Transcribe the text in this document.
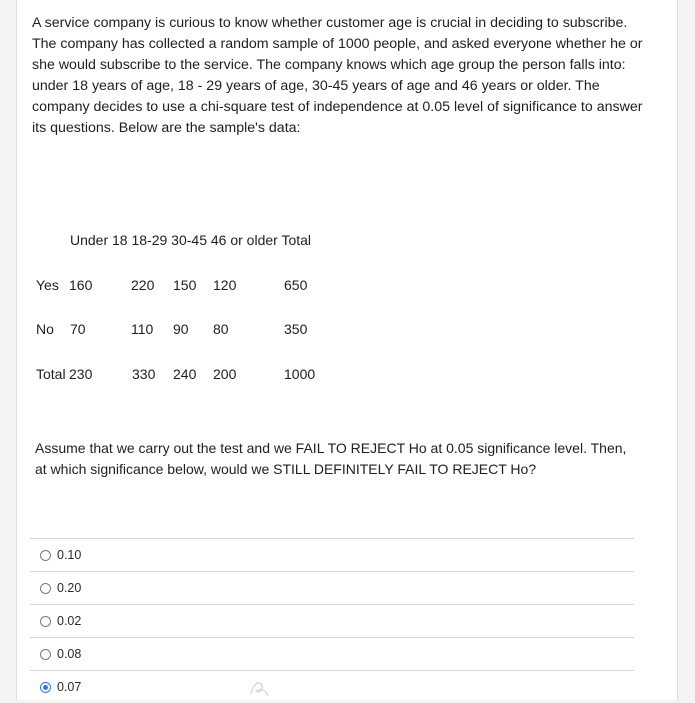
A service company is curious to know whether customer age is crucial in deciding to subscribe. The company has collected a random sample of 1000 people, and asked everyone whether he or she would subscribe to the service. The company knows which age group the person falls into: under 18 years of age, 18 - 29 years of age, 30-45 years of age and 46 years or older. The company decides to use a chi-square test of independence at 0.05 level of significance to answer its questions. Below are the sample's data:

Under 18 18-29 30-45 46 or older Total
Yes 160	220 150 120	650
No 70	110 90 80	350
Total 230	330 240 200	1000

Assume that we carry out the test and we FAIL TO REJECT Ho at 0.05 significance level. Then, at which significance below, would we STILL DEFINITELY FAIL TO REJECT Ho?

0.10
0.20
0.02
0.08
0.07
